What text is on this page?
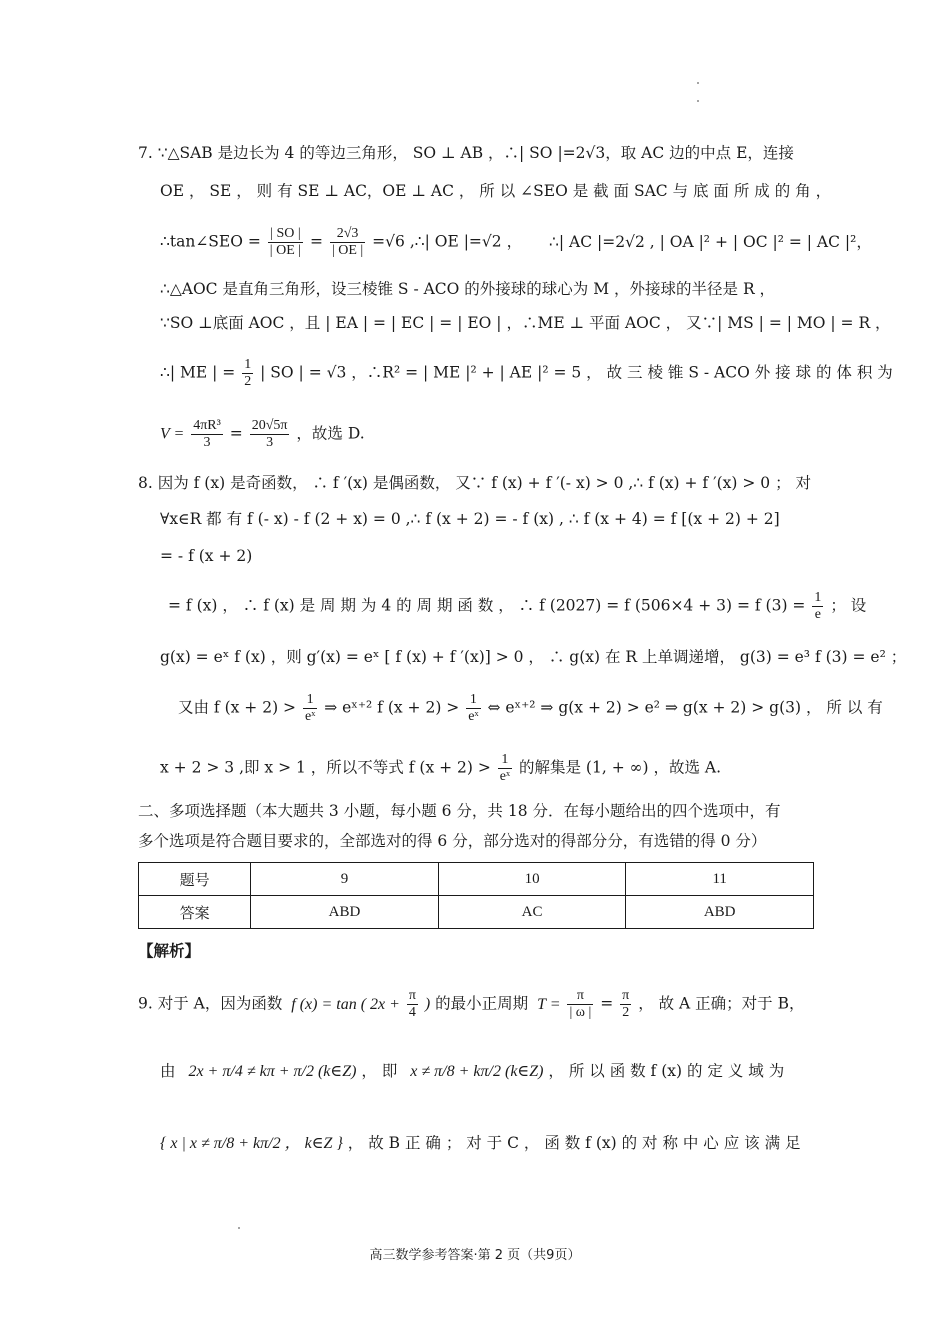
7. ∵△SAB 是边长为 4 的等边三角形， SO ⊥ AB ，∴| SO |=2√3，取 AC 边的中点 E，连接
OE ， SE ， 则 有 SE ⊥ AC，OE ⊥ AC ， 所 以 ∠SEO 是 截 面 SAC 与 底 面 所 成 的 角 ，
∴tan∠SEO = $\frac{| SO |}{| OE |} = \frac{2√3}{| OE |} =√6$ ,∴| OE |=√2 ， ∴| AC |=2√2 , | OA |² + | OC |² = | AC |²，
∴△AOC 是直角三角形，设三棱锥 S - ACO 的外接球的球心为 M ，外接球的半径是 R ，
∵SO ⊥底面 AOC ，且 | EA | = | EC | = | EO | ，∴ME ⊥ 平面 AOC ， 又∵| MS | = | MO | = R ，
∴| ME | = $\frac{1}{2}$ | SO | = √3 ，∴R² = | ME |² + | AE |² = 5 ， 故 三 棱 锥 S - ACO 外 接 球 的 体 积 为
$V = \frac{\text{4πR³}}{3} = \frac{20√5\pi}{3}$ ，故选 D.
8. 因为 f (x) 是奇函数， ∴ f ′(x) 是偶函数， 又∵ f (x) + f ′(- x) > 0 ,∴ f (x) + f ′(x) > 0 ； 对
∀x∈R 都 有 f (- x) - f (2 + x) = 0 ,∴ f (x + 2) = - f (x) , ∴ f (x + 4) = f [(x + 2) + 2]
= - f (x + 2)
= f (x) ， ∴ f (x) 是 周 期 为 4 的 周 期 函 数 ， ∴ f (2027) = f (506×4 + 3) = f $(3) = \frac{1}{e}$ ； 设
g(x) = eˣ f (x) ，则 g′(x) = eˣ [ f (x) + f ′(x)] > 0 ， ∴ g(x) 在 R 上单调递增， g(3) = e³ f (3) = e² ；
又由 f $(x + 2) > \frac{1}{\text{eˣ}}$ ⇒ eˣ⁺² f $(x + 2) > \frac{1}{\text{eˣ}}$ ⇔ eˣ⁺² ⇒ g(x + 2) > e² ⇒ g(x + 2) > g(3) ， 所 以 有
x + 2 > 3 ,即 x > 1 ，所以不等式 f $(x + 2) > \frac{1}{\text{eˣ}}$ 的解集是 (1, + ∞) ，故选 A.
二、多项选择题（本大题共 3 小题，每小题 6 分，共 18 分．在每小题给出的四个选项中，有
多个选项是符合题目要求的，全部选对的得 6 分，部分选对的得部分分，有选错的得 0 分）
题号	9	10	11
答案	ABD	AC	ABD
【解析】
9. 对于 A，因为函数 f (x) = tan ( $2x + \frac{\pi}{4}$ ) 的最小正周期 $T = \frac{\pi}{| \omega |} = \frac{\pi}{2}$ ， 故 A 正确；对于 B，
由 2x + π/4 ≠ kπ + π/2 (k∈Z) ， 即 x ≠ π/8 + kπ/2 (k∈Z) ， 所 以 函 数 f (x) 的 定 义 域 为
{ x | x ≠ π/8 + kπ/2 ， k∈Z } ， 故 B 正 确 ； 对 于 C ， 函 数 f (x) 的 对 称 中 心 应 该 满 足
高三数学参考答案·第 2 页（共9页）
